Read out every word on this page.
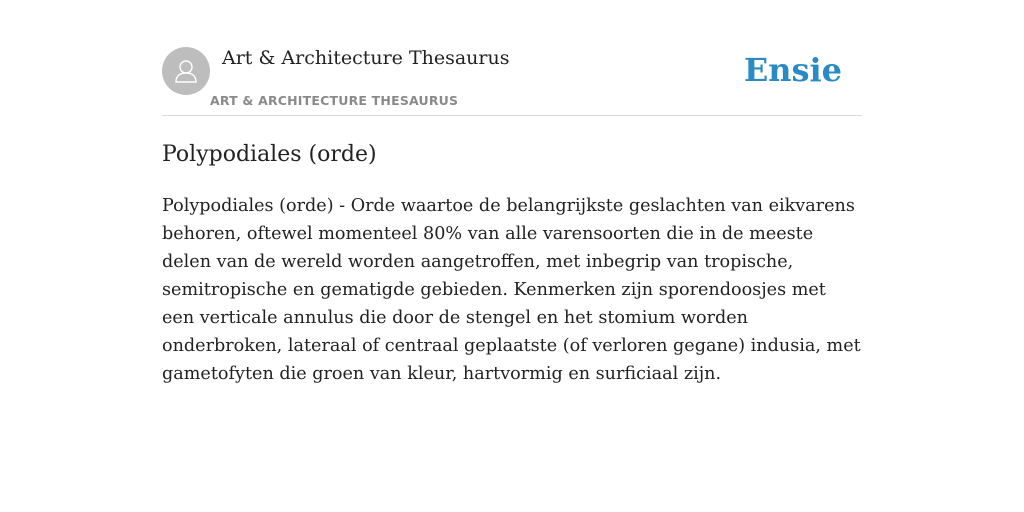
Art & Architecture Thesaurus
ART & ARCHITECTURE THESAURUS
Ensie
Polypodiales (orde)

Polypodiales (orde) - Orde waartoe de belangrijkste geslachten van eikvarens behoren, oftewel momenteel 80% van alle varensoorten die in de meeste delen van de wereld worden aangetroffen, met inbegrip van tropische, semitropische en gematigde gebieden. Kenmerken zijn sporendoosjes met een verticale annulus die door de stengel en het stomium worden onderbroken, lateraal of centraal geplaatste (of verloren gegane) indusia, met gametofyten die groen van kleur, hartvormig en surficiaal zijn.
